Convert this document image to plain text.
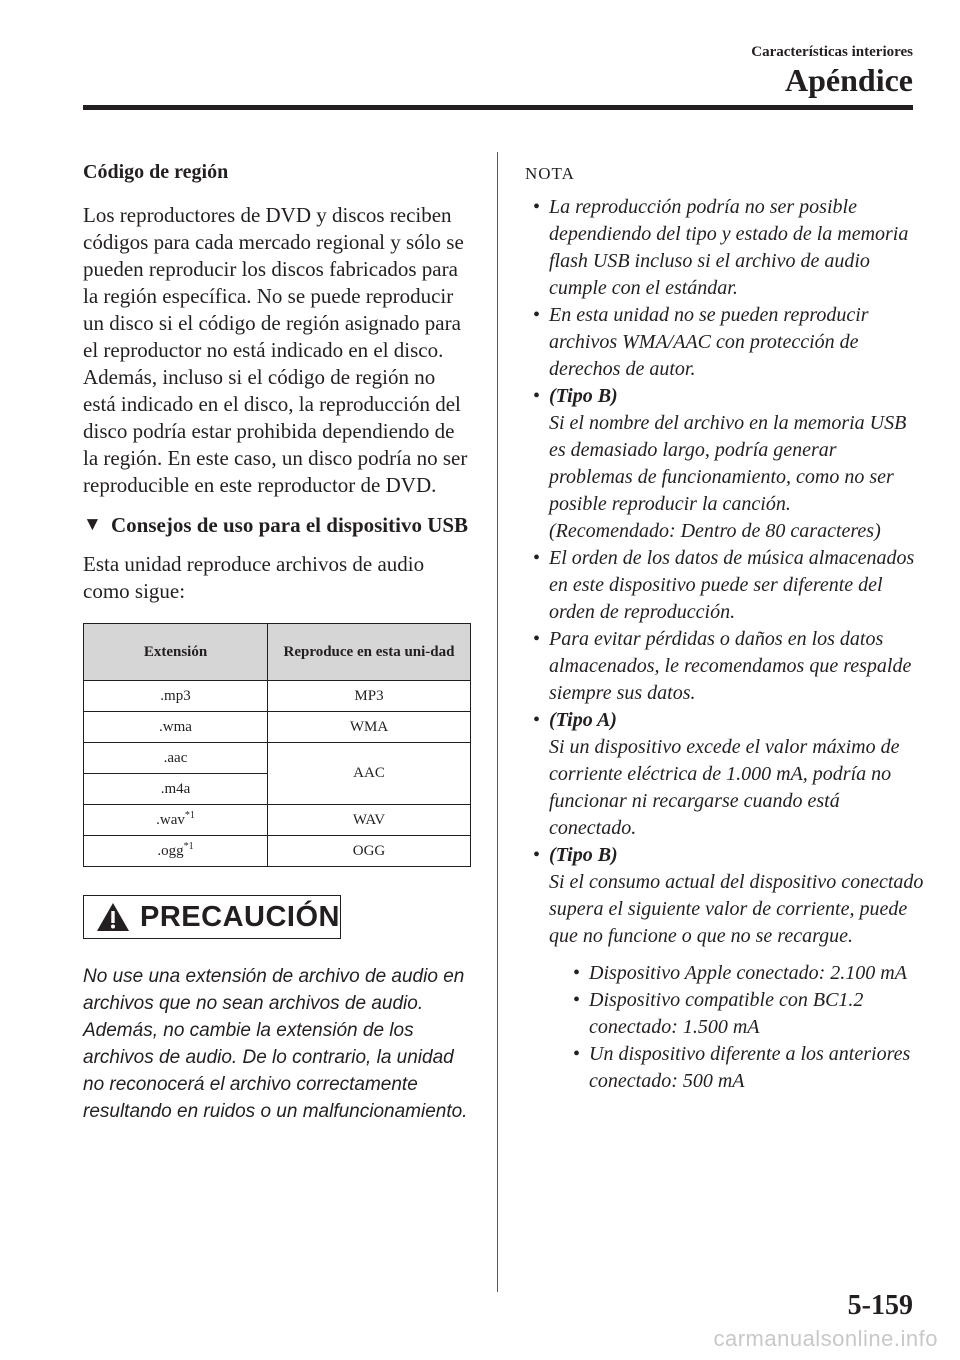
Características interiores
Apéndice
Código de región

Los reproductores de DVD y discos reciben códigos para cada mercado regional y sólo se pueden reproducir los discos fabricados para la región específica. No se puede reproducir un disco si el código de región asignado para el reproductor no está indicado en el disco. Además, incluso si el código de región no está indicado en el disco, la reproducción del disco podría estar prohibida dependiendo de la región. En este caso, un disco podría no ser reproducible en este reproductor de DVD.

▼ Consejos de uso para el dispositivo USB

Esta unidad reproduce archivos de audio como sigue:

Extensión	Reproduce en esta uni-dad
.mp3	MP3
.wma	WMA
.aac	AAC
.m4a	
.wav$^{*1}$	WAV
.ogg$^{*1}$	OGG
PRECAUCIÓN
No use una extensión de archivo de audio en archivos que no sean archivos de audio. Además, no cambie la extensión de los archivos de audio. De lo contrario, la unidad no reconocerá el archivo correctamente resultando en ruidos o un malfuncionamiento.
NOTA
• La reproducción podría no ser posible dependiendo del tipo y estado de la memoria flash USB incluso si el archivo de audio cumple con el estándar.
• En esta unidad no se pueden reproducir archivos WMA/AAC con protección de derechos de autor.
• (Tipo B)
Si el nombre del archivo en la memoria USB es demasiado largo, podría generar problemas de funcionamiento, como no ser posible reproducir la canción.
(Recomendado: Dentro de 80 caracteres)
• El orden de los datos de música almacenados en este dispositivo puede ser diferente del orden de reproducción.
• Para evitar pérdidas o daños en los datos almacenados, le recomendamos que respalde siempre sus datos.
• (Tipo A)
Si un dispositivo excede el valor máximo de corriente eléctrica de 1.000 mA, podría no funcionar ni recargarse cuando está conectado.
• (Tipo B)
Si el consumo actual del dispositivo conectado supera el siguiente valor de corriente, puede que no funcione o que no se recargue.
• Dispositivo Apple conectado: 2.100 mA
• Dispositivo compatible con BC1.2 conectado: 1.500 mA
• Un dispositivo diferente a los anteriores conectado: 500 mA
5-159
carmanualsonline.info
